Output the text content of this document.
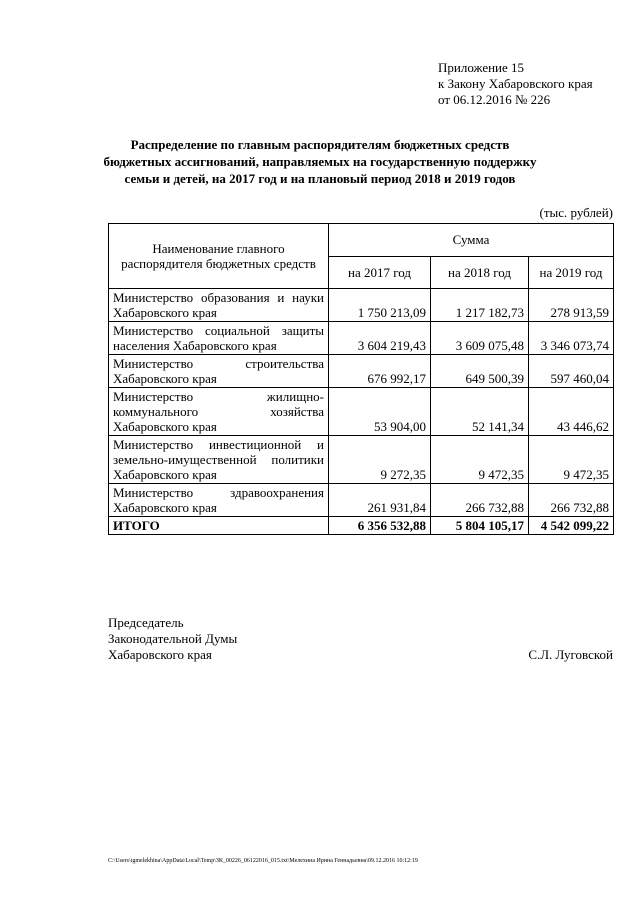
Приложение 15
к Закону Хабаровского края
от 06.12.2016 № 226
Распределение по главным распорядителям бюджетных средств
бюджетных ассигнований, направляемых на государственную поддержку
семьи и детей, на 2017 год и на плановый период 2018 и 2019 годов
(тыс. рублей)
Наименование главного распорядителя бюджетных средств	Сумма		
	на 2017 год	на 2018 год	на 2019 год
Министерство образования и науки Хабаровского края	1 750 213,09	1 217 182,73	278 913,59
Министерство социальной защиты населения Хабаровского края	3 604 219,43	3 609 075,48	3 346 073,74
Министерство строительства Хабаровского края	676 992,17	649 500,39	597 460,04
Министерство жилищно-коммунального хозяйства Хабаровского края	53 904,00	52 141,34	43 446,62
Министерство инвестиционной и земельно-имущественной политики Хабаровского края	9 272,35	9 472,35	9 472,35
Министерство здравоохранения Хабаровского края	261 931,84	266 732,88	266 732,88
ИТОГО	6 356 532,88	5 804 105,17	4 542 099,22
Председатель
Законодательной Думы
Хабаровского края	С.Л. Луговской
C:\Users\igmelekhina\AppData\Local\Temp\ЗК_00226_06122016_015.txt\Мелехина Ирина Геннадьевна\09.12.2016 10:12:19
